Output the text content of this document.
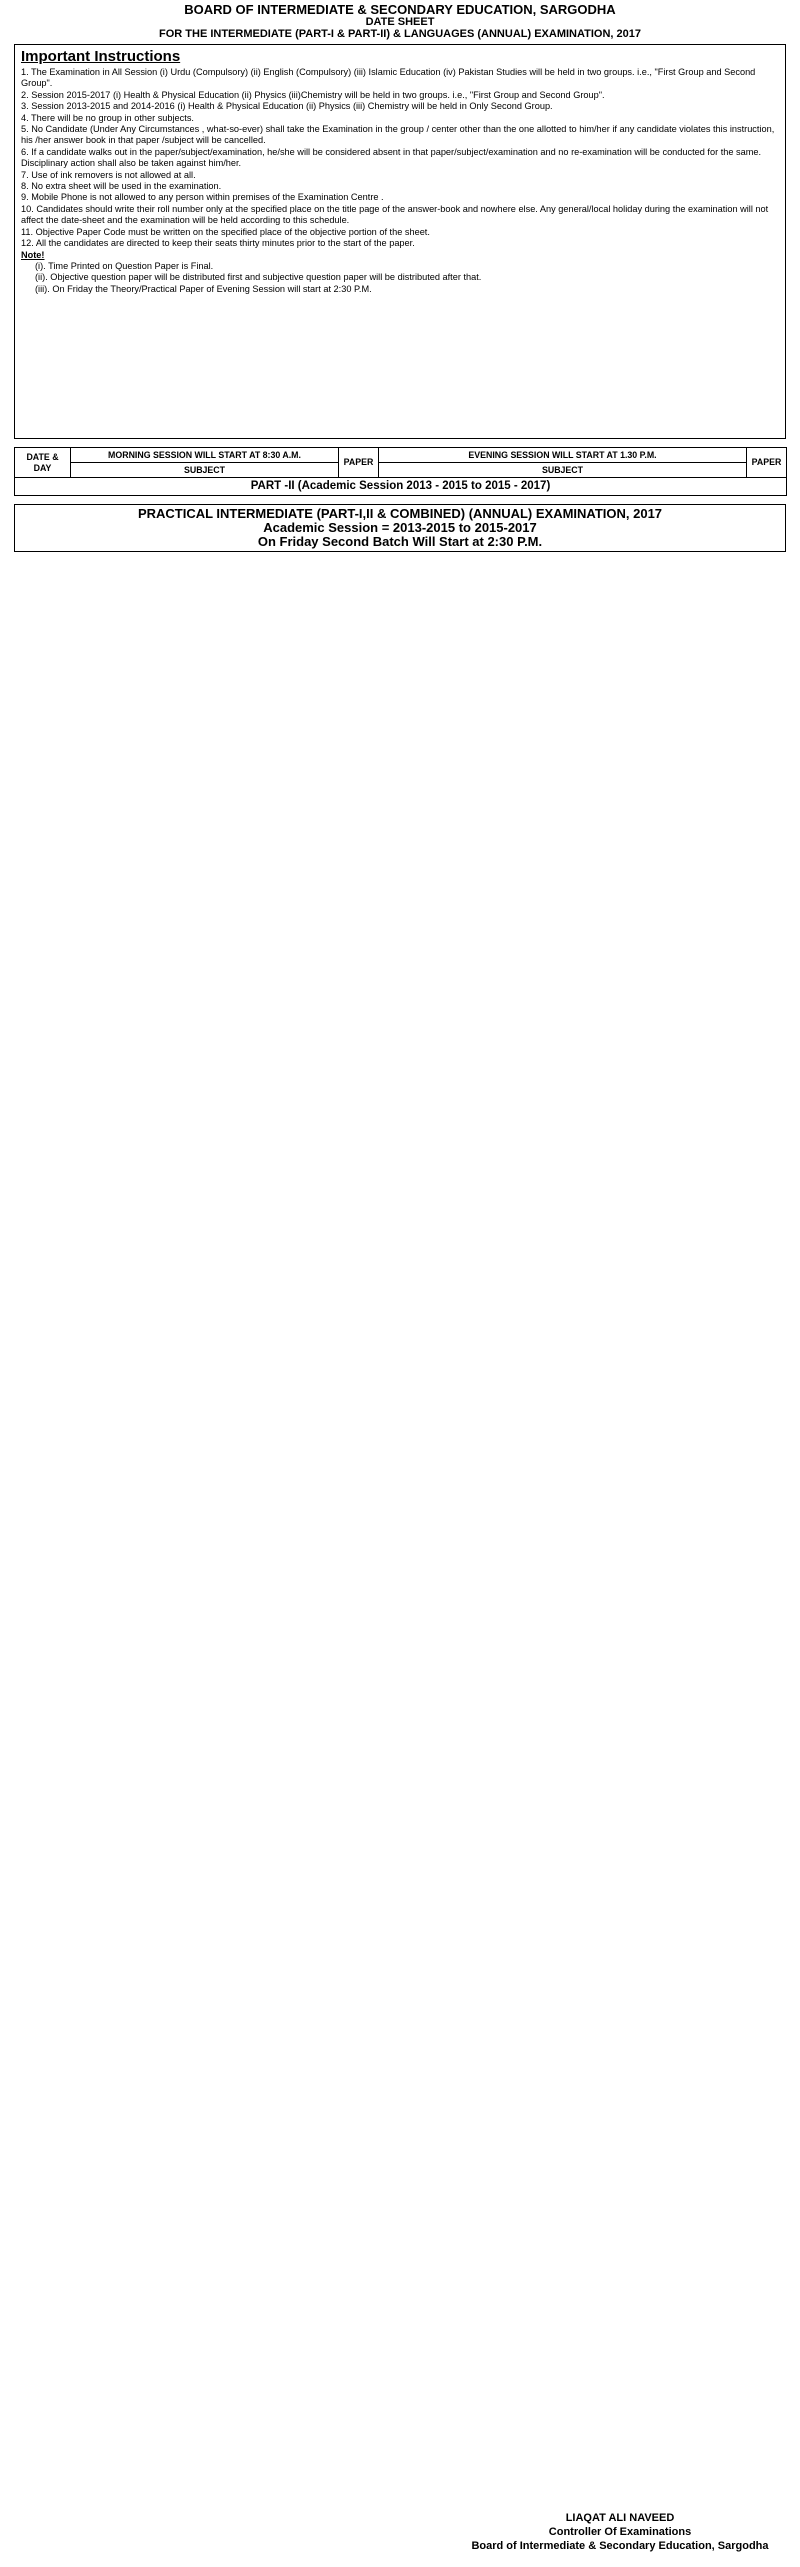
BOARD OF INTERMEDIATE & SECONDARY EDUCATION, SARGODHA
DATE SHEET
FOR THE INTERMEDIATE (PART-I & PART-II) & LANGUAGES (ANNUAL) EXAMINATION, 2017
Important Instructions
1. The Examination in All Session (i) Urdu (Compulsory) (ii) English (Compulsory) (iii) Islamic Education (iv) Pakistan Studies will be held in two groups. i.e., "First Group and Second Group".
2. Session 2015-2017 (i) Health & Physical Education (ii) Physics (iii)Chemistry will be held in two groups. i.e., "First Group and Second Group".
3. Session 2013-2015 and 2014-2016 (i) Health & Physical Education (ii) Physics (iii) Chemistry will be held in Only Second Group.
4. There will be no group in other subjects.
5. No Candidate (Under Any Circumstances , what-so-ever) shall take the Examination in the group / center other than the one allotted to him/her if any candidate violates this instruction, his /her answer book in that paper /subject will be cancelled.
6. If a candidate walks out in the paper/subject/examination, he/she will be considered absent in that paper/subject/examination and no re-examination will be conducted for the same. Disciplinary action shall also be taken against him/her.
7. Use of ink removers is not allowed at all.
8. No extra sheet will be used in the examination.
9. Mobile Phone is not allowed to any person within premises of the Examination Centre .
10. Candidates should write their roll number only at the specified place on the title page of the answer-book and nowhere else. Any general/local holiday during the examination will not affect the date-sheet and the examination will be held according to this schedule.
11. Objective Paper Code must be written on the specified place of the objective portion of the sheet.
12. All the candidates are directed to keep their seats thirty minutes prior to the start of the paper.
Note!
(i). Time Printed on Question Paper is Final.
(ii). Objective question paper will be distributed first and subjective question paper will be distributed after that.
(iii). On Friday the Theory/Practical Paper of Evening Session will start at 2:30 P.M.
DATE & DAY	MORNING SESSION WILL START AT 8:30 A.M.	PAPER	EVENING SESSION WILL START AT 1.30 P.M.	PAPER
	SUBJECT		SUBJECT	
PART -II (Academic Session 2013 - 2015 to 2015 - 2017)				
PRACTICAL INTERMEDIATE (PART-I,II & COMBINED) (ANNUAL) EXAMINATION, 2017
Academic Session = 2013-2015 to 2015-2017
On Friday Second Batch Will Start at 2:30 P.M.
LIAQAT ALI NAVEED
Controller Of Examinations
Board of Intermediate & Secondary Education, Sargodha
